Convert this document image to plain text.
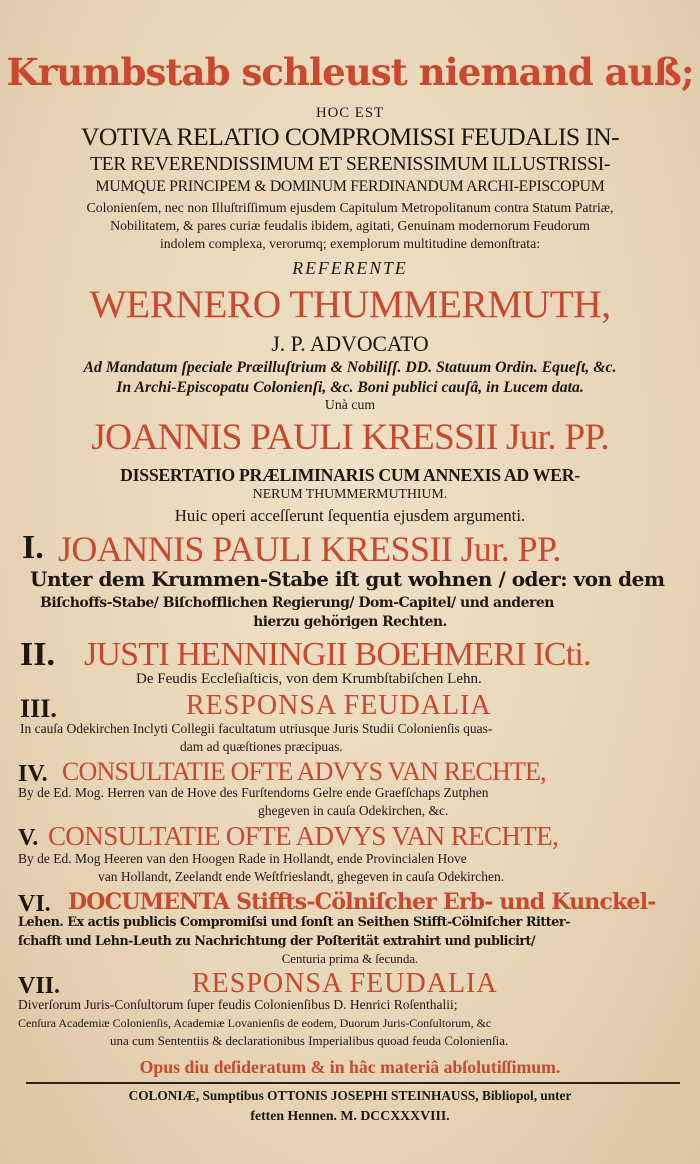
Krumbstab schleust niemand auß;
HOC EST
VOTIVA RELATIO COMPROMISSI FEUDALIS IN-
TER REVERENDISSIMUM ET SERENISSIMUM ILLUSTRISSI-
MUMQUE PRINCIPEM & DOMINUM FERDINANDUM ARCHI-EPISCOPUM
Colonienſem, nec non Illuſtriſſimum ejusdem Capitulum Metropolitanum contra Statum Patriæ,
Nobilitatem, & pares curiæ feudalis ibidem, agitati, Genuinam modernorum Feudorum
indolem complexa, verorumq; exemplorum multitudine demonſtrata:
REFERENTE
WERNERO THUMMERMUTH,
J. P. ADVOCATO
Ad Mandatum ſpeciale Præilluſtrium & Nobiliſſ. DD. Statuum Ordin. Equeſt, &c.
In Archi-Episcopatu Colonienſi, &c. Boni publici cauſâ, in Lucem data.
Unà cum
JOANNIS PAULI KRESSII Jur. PP.
DISSERTATIO PRÆLIMINARIS CUM ANNEXIS AD WER-
NERUM THUMMERMUTHIUM.
Huic operi acceſſerunt ſequentia ejusdem argumenti.
I. JOANNIS PAULI KRESSII Jur. PP.
Unter dem Krummen-Stabe iſt gut wohnen / oder: von dem
Biſchoffs-Stabe/ Biſchofflichen Regierung/ Dom-Capitel/ und anderen
hierzu gehörigen Rechten.
II. JUSTI HENNINGII BOEHMERI ICti.
De Feudis Eccleſiaſticis, von dem Krumbſtabiſchen Lehn.
III.	RESPONSA FEUDALIA
In cauſa Odekirchen Inclyti Collegii facultatum utriusque Juris Studii Colonienſis quas-
dam ad quæſtiones præcipuas.
IV. CONSULTATIE OFTE ADVYS VAN RECHTE,
By de Ed. Mog. Herren van de Hove des Furſtendoms Gelre ende Graefſchaps Zutphen
ghegeven in cauſa Odekirchen, &c.
V. CONSULTATIE OFTE ADVYS VAN RECHTE,
By de Ed. Mog Heeren van den Hoogen Rade in Hollandt, ende Provincialen Hove
van Hollandt, Zeelandt ende Weſtfrieslandt, ghegeven in cauſa Odekirchen.
VI. DOCUMENTA Stiffts-Cölniſcher Erb- und Kunckel-
Lehen. Ex actis publicis Compromiſsi und ſonſt an Seithen Stifft-Cölniſcher Ritter-
ſchafft und Lehn-Leuth zu Nachrichtung der Poſterität extrahirt und publicirt/
Centuria prima & ſecunda.
VII.	RESPONSA FEUDALIA
Diverſorum Juris-Conſultorum ſuper feudis Colonienſibus D. Henrici Roſenthalii;
Cenſura Academiæ Colonienſis, Academiæ Lovanienſis de eodem, Duorum Juris-Conſultorum, &c
una cum Sententiis & declarationibus Imperialibus quoad feuda Colonienſia.
Opus diu deſideratum & in hâc materiâ abſolutiſſimum.
COLONIÆ, Sumptibus OTTONIS JOSEPHI STEINHAUSS, Bibliopol, unter
fetten Hennen. M. DCCXXXVIII.
